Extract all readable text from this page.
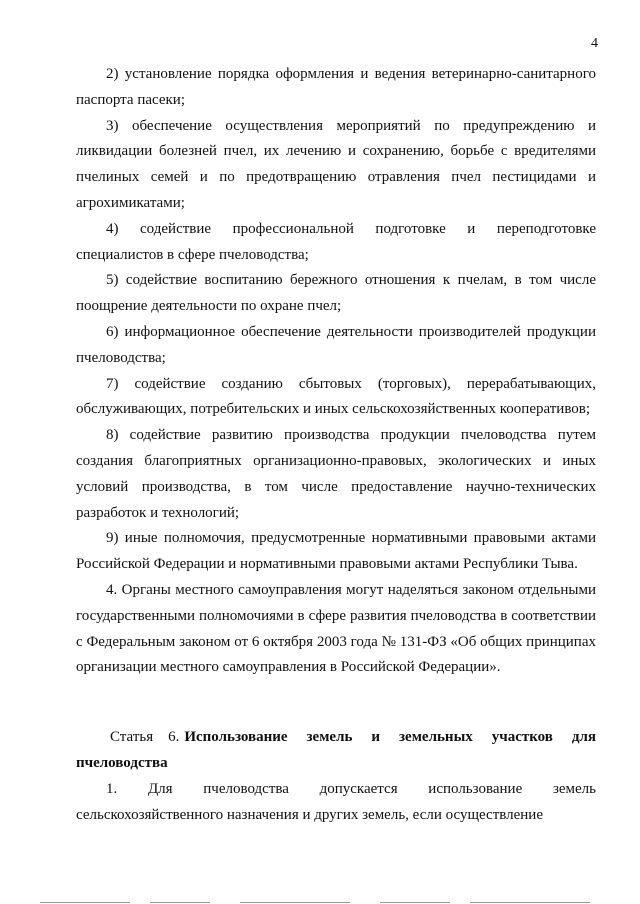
4

2) установление порядка оформления и ведения ветеринарно-санитарного паспорта пасеки;

3) обеспечение осуществления мероприятий по предупреждению и ликвидации болезней пчел, их лечению и сохранению, борьбе с вредителями пчелиных семей и по предотвращению отравления пчел пестицидами и агрохимикатами;

4) содействие профессиональной подготовке и переподготовке специалистов в сфере пчеловодства;

5) содействие воспитанию бережного отношения к пчелам, в том числе поощрение деятельности по охране пчел;

6) информационное обеспечение деятельности производителей продукции пчеловодства;

7) содействие созданию сбытовых (торговых), перерабатывающих, обслуживающих, потребительских и иных сельскохозяйственных кооперативов;

8) содействие развитию производства продукции пчеловодства путем создания благоприятных организационно-правовых, экологических и иных условий производства, в том числе предоставление научно-технических разработок и технологий;

9) иные полномочия, предусмотренные нормативными правовыми актами Российской Федерации и нормативными правовыми актами Республики Тыва.

4. Органы местного самоуправления могут наделяться законом отдельными государственными полномочиями в сфере развития пчеловодства в соответствии с Федеральным законом от 6 октября 2003 года № 131-ФЗ «Об общих принципах организации местного самоуправления в Российской Федерации».

Статья 6. Использование земель и земельных участков для пчеловодства

1. Для пчеловодства допускается использование земель сельскохозяйственного назначения и других земель, если осуществление
